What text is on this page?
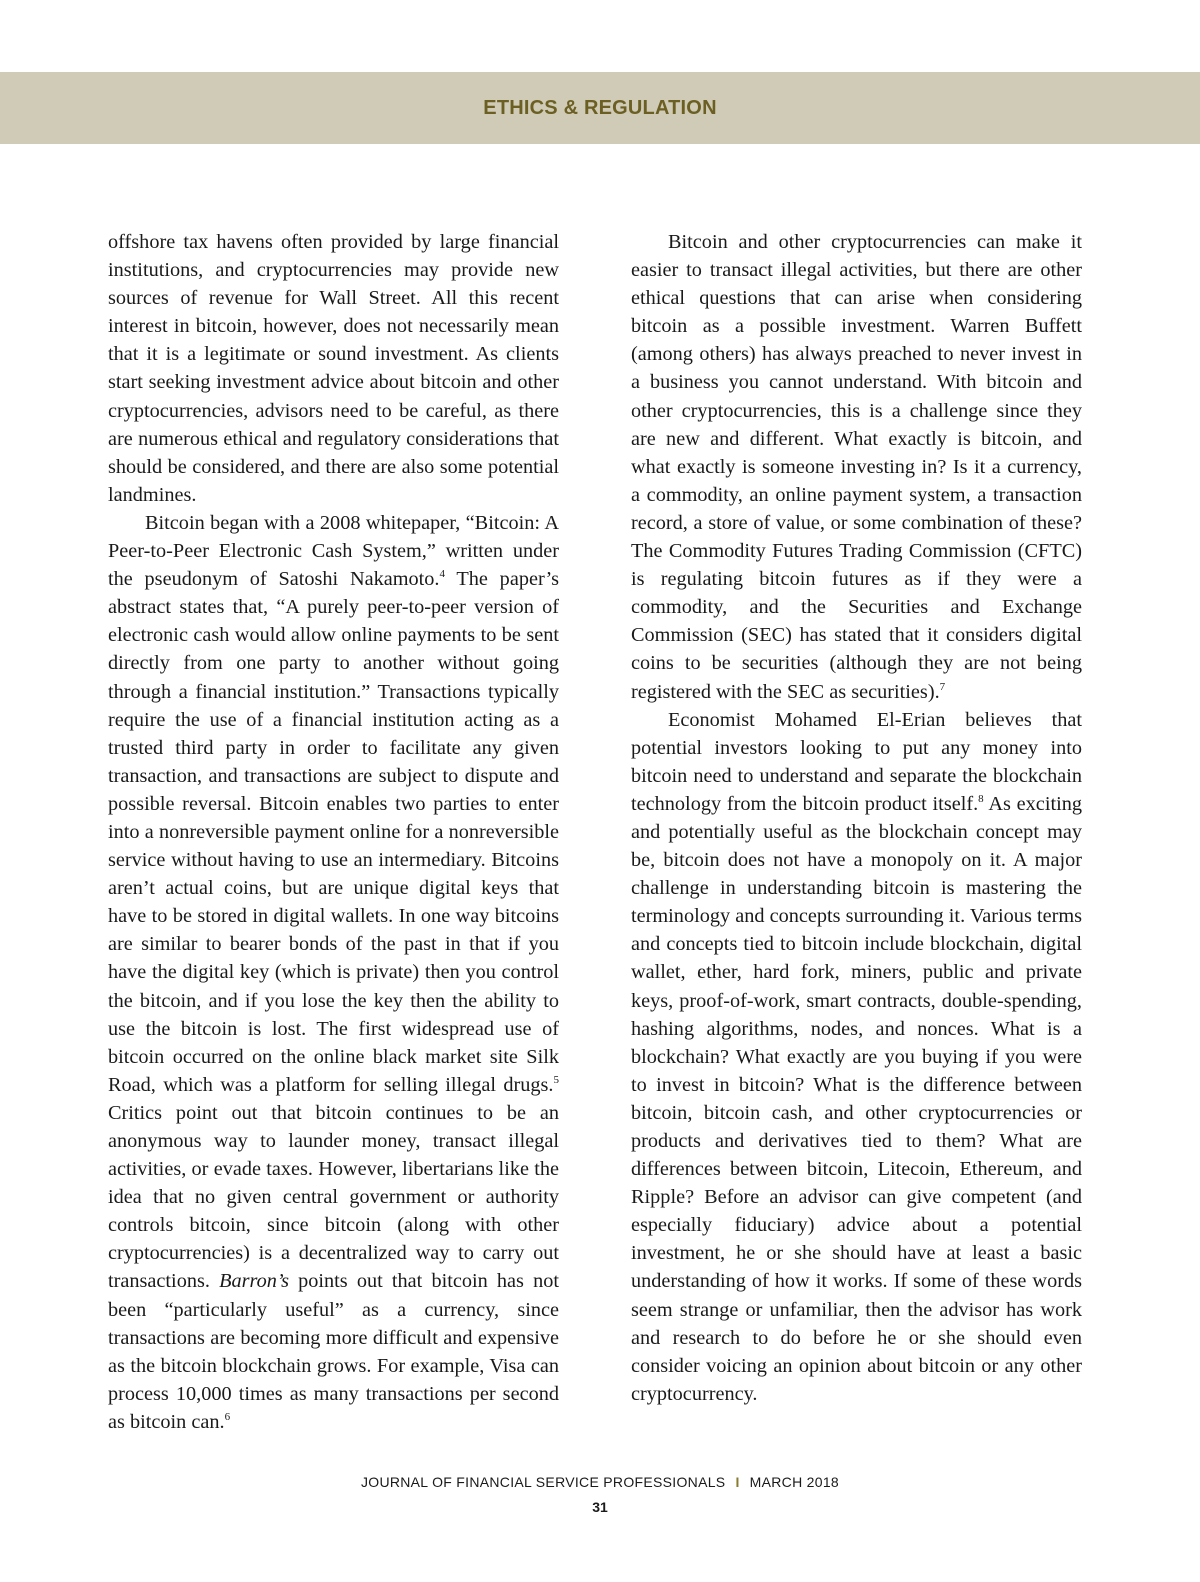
ETHICS & REGULATION

offshore tax havens often provided by large financial institutions, and cryptocurrencies may provide new sources of revenue for Wall Street. All this recent interest in bitcoin, however, does not necessarily mean that it is a legitimate or sound investment. As clients start seeking investment advice about bitcoin and other cryptocurrencies, advisors need to be careful, as there are numerous ethical and regulatory considerations that should be considered, and there are also some potential landmines.

Bitcoin began with a 2008 whitepaper, “Bitcoin: A Peer-to-Peer Electronic Cash System,” written under the pseudonym of Satoshi Nakamoto.$^4$ The paper’s abstract states that, “A purely peer-to-peer version of electronic cash would allow online payments to be sent directly from one party to another without going through a financial institution.” Transactions typically require the use of a financial institution acting as a trusted third party in order to facilitate any given transaction, and transactions are subject to dispute and possible reversal. Bitcoin enables two parties to enter into a nonreversible payment online for a nonreversible service without having to use an intermediary. Bitcoins aren’t actual coins, but are unique digital keys that have to be stored in digital wallets. In one way bitcoins are similar to bearer bonds of the past in that if you have the digital key (which is private) then you control the bitcoin, and if you lose the key then the ability to use the bitcoin is lost. The first widespread use of bitcoin occurred on the online black market site Silk Road, which was a platform for selling illegal drugs.$^5$ Critics point out that bitcoin continues to be an anonymous way to launder money, transact illegal activities, or evade taxes. However, libertarians like the idea that no given central government or authority controls bitcoin, since bitcoin (along with other cryptocurrencies) is a decentralized way to carry out transactions. Barron’s points out that bitcoin has not been “particularly useful” as a currency, since transactions are becoming more difficult and expensive as the bitcoin blockchain grows. For example, Visa can process 10,000 times as many transactions per second as bitcoin can.$^6$

Bitcoin and other cryptocurrencies can make it easier to transact illegal activities, but there are other ethical questions that can arise when considering bitcoin as a possible investment. Warren Buffett (among others) has always preached to never invest in a business you cannot understand. With bitcoin and other cryptocurrencies, this is a challenge since they are new and different. What exactly is bitcoin, and what exactly is someone investing in? Is it a currency, a commodity, an online payment system, a transaction record, a store of value, or some combination of these? The Commodity Futures Trading Commission (CFTC) is regulating bitcoin futures as if they were a commodity, and the Securities and Exchange Commission (SEC) has stated that it considers digital coins to be securities (although they are not being registered with the SEC as securities).$^7$

Economist Mohamed El-Erian believes that potential investors looking to put any money into bitcoin need to understand and separate the blockchain technology from the bitcoin product itself.$^8$ As exciting and potentially useful as the blockchain concept may be, bitcoin does not have a monopoly on it. A major challenge in understanding bitcoin is mastering the terminology and concepts surrounding it. Various terms and concepts tied to bitcoin include blockchain, digital wallet, ether, hard fork, miners, public and private keys, proof-of-work, smart contracts, double-spending, hashing algorithms, nodes, and nonces. What is a blockchain? What exactly are you buying if you were to invest in bitcoin? What is the difference between bitcoin, bitcoin cash, and other cryptocurrencies or products and derivatives tied to them? What are differences between bitcoin, Litecoin, Ethereum, and Ripple? Before an advisor can give competent (and especially fiduciary) advice about a potential investment, he or she should have at least a basic understanding of how it works. If some of these words seem strange or unfamiliar, then the advisor has work and research to do before he or she should even consider voicing an opinion about bitcoin or any other cryptocurrency.

JOURNAL OF FINANCIAL SERVICE PROFESSIONALS I MARCH 2018
31
